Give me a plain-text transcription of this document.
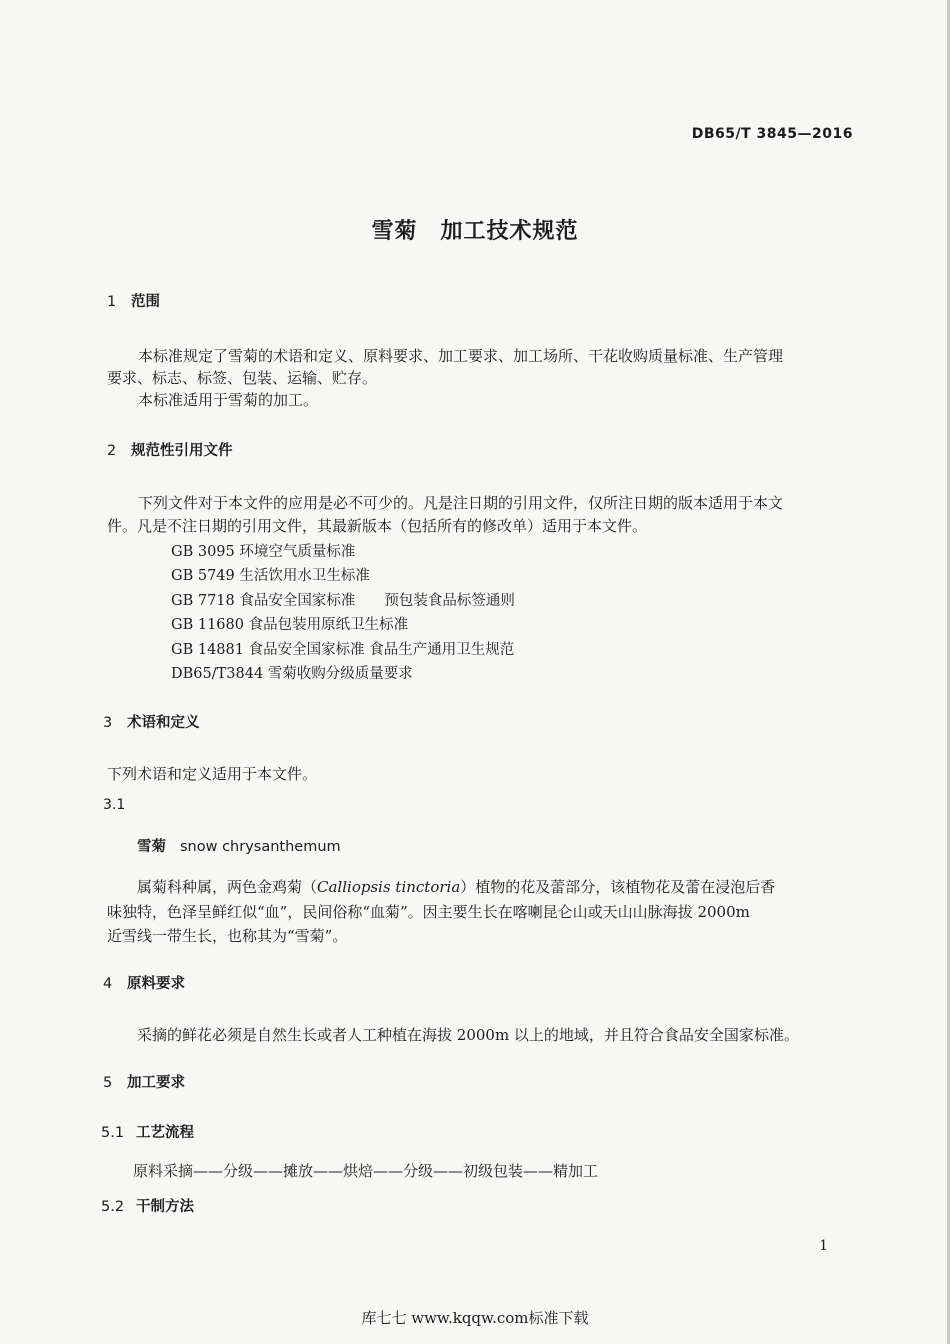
DB65/T 3845—2016
雪菊　加工技术规范
1 范围
本标准规定了雪菊的术语和定义、原料要求、加工要求、加工场所、干花收购质量标准、生产管理
要求、标志、标签、包装、运输、贮存。
本标准适用于雪菊的加工。
2 规范性引用文件
下列文件对于本文件的应用是必不可少的。凡是注日期的引用文件，仅所注日期的版本适用于本文
件。凡是不注日期的引用文件，其最新版本（包括所有的修改单）适用于本文件。
GB 3095 环境空气质量标准
GB 5749 生活饮用水卫生标准
GB 7718 食品安全国家标准　　预包装食品标签通则
GB 11680 食品包装用原纸卫生标准
GB 14881 食品安全国家标准 食品生产通用卫生规范
DB65/T3844 雪菊收购分级质量要求
3 术语和定义
下列术语和定义适用于本文件。
3.1
雪菊 snow chrysanthemum
属菊科种属，两色金鸡菊（Calliopsis tinctoria）植物的花及蕾部分，该植物花及蕾在浸泡后香
味独特，色泽呈鲜红似“血”，民间俗称“血菊”。因主要生长在喀喇昆仑山或天山山脉海拔 2000m
近雪线一带生长，也称其为“雪菊”。
4 原料要求
采摘的鲜花必须是自然生长或者人工种植在海拔 2000m 以上的地域，并且符合食品安全国家标准。
5 加工要求
5.1 工艺流程
原料采摘——分级——摊放——烘焙——分级——初级包装——精加工
5.2 干制方法
1
库七七 www.kqqw.com标准下载
